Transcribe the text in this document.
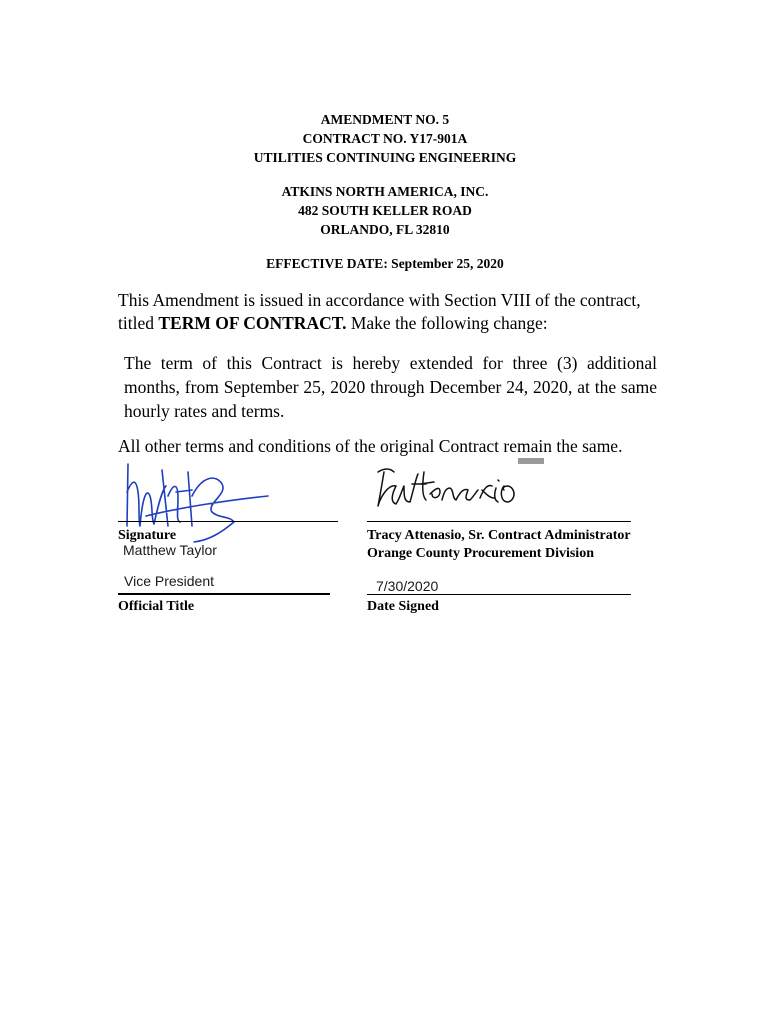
AMENDMENT NO. 5
CONTRACT NO. Y17-901A
UTILITIES CONTINUING ENGINEERING
ATKINS NORTH AMERICA, INC.
482 SOUTH KELLER ROAD
ORLANDO, FL 32810
EFFECTIVE DATE: September 25, 2020
This Amendment is issued in accordance with Section VIII of the contract,
titled TERM OF CONTRACT. Make the following change:
The term of this Contract is hereby extended for three (3) additional months, from September 25, 2020 through December 24, 2020, at the same hourly rates and terms.
All other terms and conditions of the original Contract remain the same.
Signature
Matthew Taylor
Vice President
Official Title
Tracy Attenasio, Sr. Contract Administrator
Orange County Procurement Division
7/30/2020
Date Signed
